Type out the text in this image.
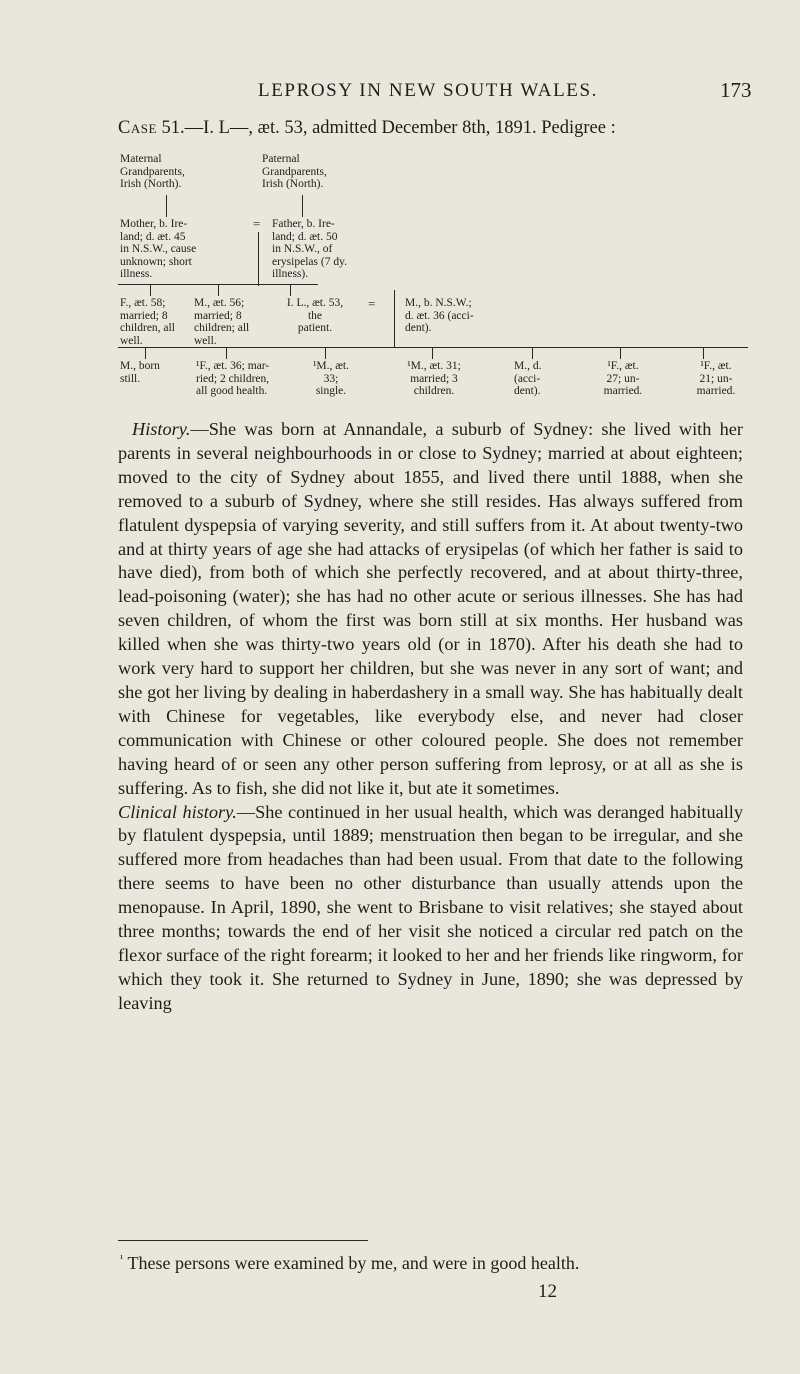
LEPROSY IN NEW SOUTH WALES.	173
Case 51.—I. L—, æt. 53, admitted December 8th, 1891. Pedigree :
Maternal
Grandparents,
Irish (North).
Paternal
Grandparents,
Irish (North).
Mother, b. Ire-
land; d. æt. 45
in N.S.W., cause
unknown; short
illness.
= Father, b. Ire-
land; d. æt. 50
in N.S.W., of
erysipelas (7 dy.
illness).
F., æt. 58;
married; 8
children, all
well.
M., æt. 56;
married; 8
children; all
well.
I. L., æt. 53,
the
patient.
=	M., b. N.S.W.;
d. æt. 36 (acci-
dent).
M., born
still.
¹F., æt. 36; mar-
ried; 2 children,
all good health.
¹M., æt.
33;
single.
¹M., æt. 31;
married; 3
children.
M., d.
(acci-
dent).
¹F., æt.
27; un-
married.
¹F., æt.
21; un-
married.

History.—She was born at Annandale, a suburb of Sydney: she lived with her parents in several neighbourhoods in or close to Sydney; married at about eighteen; moved to the city of Sydney about 1855, and lived there until 1888, when she removed to a suburb of Sydney, where she still resides. Has always suffered from flatulent dyspepsia of varying severity, and still suffers from it. At about twenty-two and at thirty years of age she had attacks of erysipelas (of which her father is said to have died), from both of which she perfectly recovered, and at about thirty-three, lead-poisoning (water); she has had no other acute or serious illnesses. She has had seven children, of whom the first was born still at six months. Her husband was killed when she was thirty-two years old (or in 1870). After his death she had to work very hard to support her children, but she was never in any sort of want; and she got her living by dealing in haberdashery in a small way. She has habitually dealt with Chinese for vegetables, like everybody else, and never had closer communication with Chinese or other coloured people. She does not remember having heard of or seen any other person suffering from leprosy, or at all as she is suffering. As to fish, she did not like it, but ate it sometimes.

Clinical history.—She continued in her usual health, which was deranged habitually by flatulent dyspepsia, until 1889; menstruation then began to be irregular, and she suffered more from headaches than had been usual. From that date to the following there seems to have been no other disturbance than usually attends upon the menopause. In April, 1890, she went to Brisbane to visit relatives; she stayed about three months; towards the end of her visit she noticed a circular red patch on the flexor surface of the right forearm; it looked to her and her friends like ringworm, for which they took it. She returned to Sydney in June, 1890; she was depressed by leaving

$^{^1}$ These persons were examined by me, and were in good health.
12
